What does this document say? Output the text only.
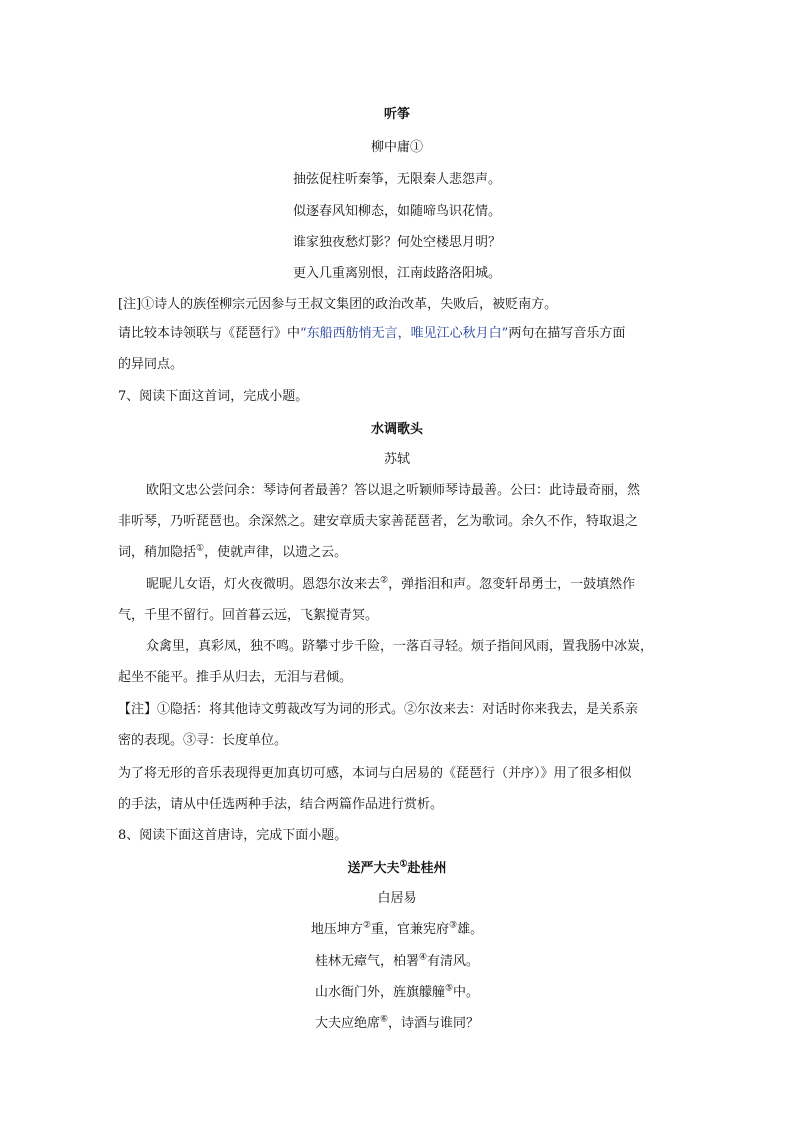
听筝
柳中庸①
抽弦促柱听秦筝，无限秦人悲怨声。
似逐春风知柳态，如随啼鸟识花情。
谁家独夜愁灯影？何处空楼思月明？
更入几重离别恨，江南歧路洛阳城。
[注]①诗人的族侄柳宗元因参与王叔文集团的政治改革，失败后，被贬南方。
请比较本诗领联与《琵琶行》中“东船西舫悄无言，唯见江心秋月白”两句在描写音乐方面
的异同点。
7、阅读下面这首词，完成小题。
水调歌头
苏轼
欧阳文忠公尝问余：琴诗何者最善？答以退之听颖师琴诗最善。公曰：此诗最奇丽，然
非听琴，乃听琵琶也。余深然之。建安章质夫家善琵琶者，乞为歌词。余久不作，特取退之
词，稍加隐括①，使就声律，以遗之云。
昵昵儿女语，灯火夜微明。恩怨尔汝来去②，弹指泪和声。忽变轩昂勇士，一鼓填然作
气，千里不留行。回首暮云远，飞絮搅青冥。
众禽里，真彩凤，独不鸣。跻攀寸步千险，一落百寻轻。烦子指间风雨，置我肠中冰炭，
起坐不能平。推手从归去，无泪与君倾。
【注】①隐括：将其他诗文剪裁改写为词的形式。②尔汝来去：对话时你来我去，是关系亲
密的表现。③寻：长度单位。
为了将无形的音乐表现得更加真切可感，本词与白居易的《琵琶行（并序）》用了很多相似
的手法，请从中任选两种手法，结合两篇作品进行赏析。
8、阅读下面这首唐诗，完成下面小题。
送严大夫①赴桂州
白居易
地压坤方②重，官兼宪府③雄。
桂林无瘴气，柏署④有清风。
山水衙门外，旌旗艨艟⑤中。
大夫应绝席⑥，诗酒与谁同？
